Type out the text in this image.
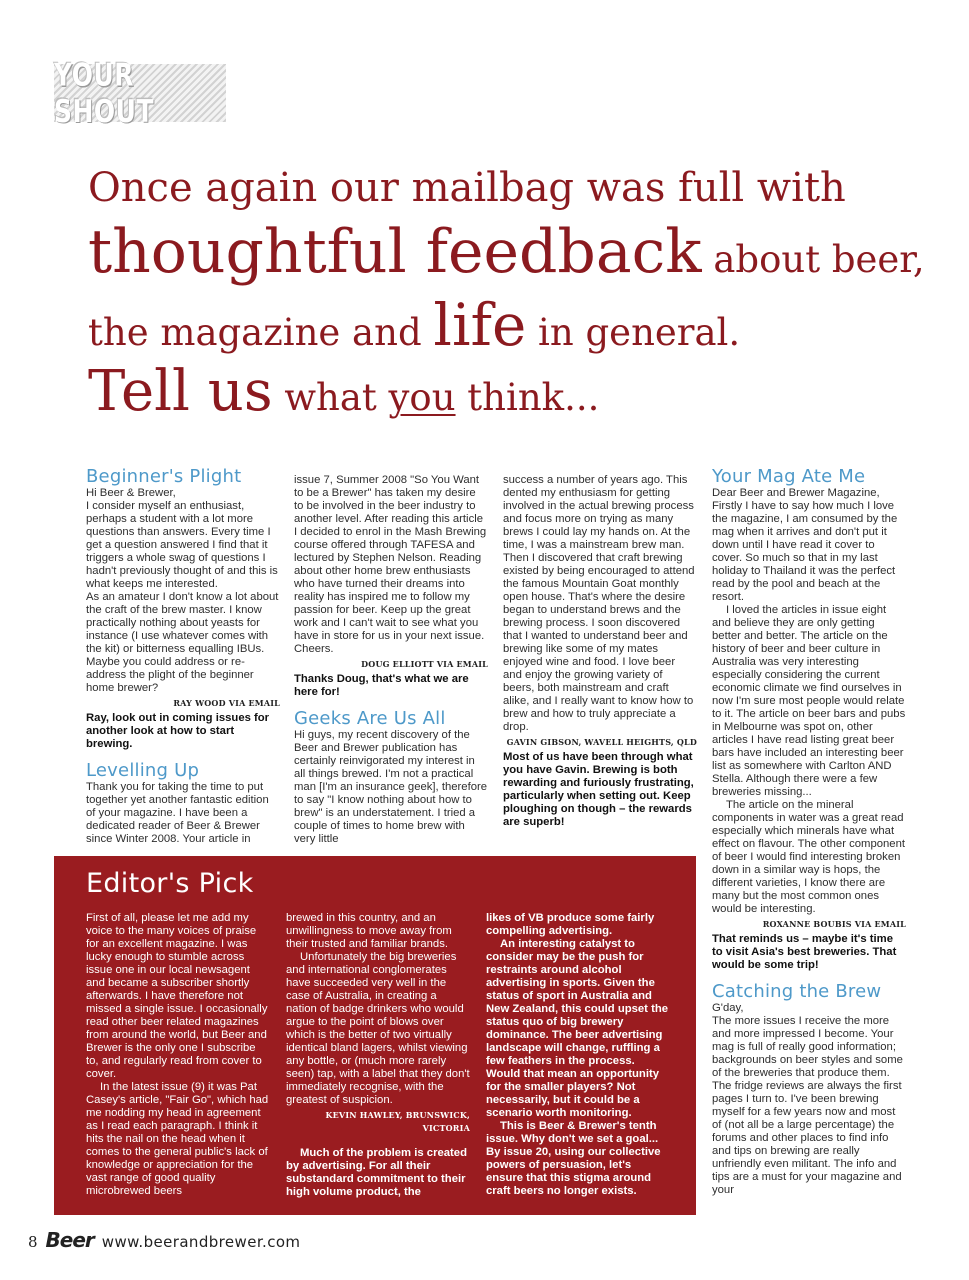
YOUR SHOUT
Once again our mailbag was full with
thoughtful feedback about beer,
the magazine and life in general.
Tell us what you think...
Beginner's Plight

Hi Beer & Brewer,

I consider myself an enthusiast, perhaps a student with a lot more questions than answers. Every time I get a question answered I find that it triggers a whole swag of questions I hadn't previously thought of and this is what keeps me interested.

As an amateur I don't know a lot about the craft of the brew master. I know practically nothing about yeasts for instance (I use whatever comes with the kit) or bitterness equalling IBUs. Maybe you could address or re-address the plight of the beginner home brewer?

RAY WOOD VIA EMAIL

Ray, look out in coming issues for another look at how to start brewing.

Levelling Up

Thank you for taking the time to put together yet another fantastic edition of your magazine. I have been a dedicated reader of Beer & Brewer since Winter 2008. Your article in

issue 7, Summer 2008 "So You Want to be a Brewer" has taken my desire to be involved in the beer industry to another level. After reading this article I decided to enrol in the Mash Brewing course offered through TAFESA and lectured by Stephen Nelson. Reading about other home brew enthusiasts who have turned their dreams into reality has inspired me to follow my passion for beer. Keep up the great work and I can't wait to see what you have in store for us in your next issue. Cheers.

DOUG ELLIOTT VIA EMAIL

Thanks Doug, that's what we are here for!

Geeks Are Us All

Hi guys, my recent discovery of the Beer and Brewer publication has certainly reinvigorated my interest in all things brewed. I'm not a practical man [I'm an insurance geek], therefore to say "I know nothing about how to brew" is an understatement. I tried a couple of times to home brew with very little

success a number of years ago. This dented my enthusiasm for getting involved in the actual brewing process and focus more on trying as many brews I could lay my hands on. At the time, I was a mainstream brew man. Then I discovered that craft brewing existed by being encouraged to attend the famous Mountain Goat monthly open house. That's where the desire began to understand brews and the brewing process. I soon discovered that I wanted to understand beer and brewing like some of my mates enjoyed wine and food. I love beer and enjoy the growing variety of beers, both mainstream and craft alike, and I really want to know how to brew and how to truly appreciate a drop.

GAVIN GIBSON, WAVELL HEIGHTS, QLD

Most of us have been through what you have Gavin. Brewing is both rewarding and furiously frustrating, particularly when setting out. Keep ploughing on though – the rewards are superb!

Your Mag Ate Me

Dear Beer and Brewer Magazine,

Firstly I have to say how much I love the magazine, I am consumed by the mag when it arrives and don't put it down until I have read it cover to cover. So much so that in my last holiday to Thailand it was the perfect read by the pool and beach at the resort.

I loved the articles in issue eight and believe they are only getting better and better. The article on the history of beer and beer culture in Australia was very interesting especially considering the current economic climate we find ourselves in now I'm sure most people would relate to it. The article on beer bars and pubs in Melbourne was spot on, other articles I have read listing great beer bars have included an interesting beer list as somewhere with Carlton AND Stella. Although there were a few breweries missing...

The article on the mineral components in water was a great read especially which minerals have what effect on flavour. The other component of beer I would find interesting broken down in a similar way is hops, the different varieties, I know there are many but the most common ones would be interesting.

ROXANNE BOUBIS VIA EMAIL

That reminds us – maybe it's time to visit Asia's best breweries. That would be some trip!

Catching the Brew

G'day,

The more issues I receive the more and more impressed I become. Your mag is full of really good information; backgrounds on beer styles and some of the breweries that produce them. The fridge reviews are always the first pages I turn to. I've been brewing myself for a few years now and most of (not all be a large percentage) the forums and other places to find info and tips on brewing are really unfriendly even militant. The info and tips are a must for your magazine and your

Editor's Pick

First of all, please let me add my voice to the many voices of praise for an excellent magazine. I was lucky enough to stumble across issue one in our local newsagent and became a subscriber shortly afterwards. I have therefore not missed a single issue. I occasionally read other beer related magazines from around the world, but Beer and Brewer is the only one I subscribe to, and regularly read from cover to cover.

In the latest issue (9) it was Pat Casey's article, "Fair Go", which had me nodding my head in agreement as I read each paragraph. I think it hits the nail on the head when it comes to the general public's lack of knowledge or appreciation for the vast range of good quality microbrewed beers

brewed in this country, and an unwillingness to move away from their trusted and familiar brands.

Unfortunately the big breweries and international conglomerates have succeeded very well in the case of Australia, in creating a nation of badge drinkers who would argue to the point of blows over which is the better of two virtually identical bland lagers, whilst viewing any bottle, or (much more rarely seen) tap, with a label that they don't immediately recognise, with the greatest of suspicion.

KEVIN HAWLEY, BRUNSWICK, VICTORIA

Much of the problem is created by advertising. For all their substandard commitment to their high volume product, the

likes of VB produce some fairly compelling advertising.

An interesting catalyst to consider may be the push for restraints around alcohol advertising in sports. Given the status of sport in Australia and New Zealand, this could upset the status quo of big brewery dominance. The beer advertising landscape will change, ruffling a few feathers in the process. Would that mean an opportunity for the smaller players? Not necessarily, but it could be a scenario worth monitoring.

This is Beer & Brewer's tenth issue. Why don't we set a goal... By issue 20, using our collective powers of persuasion, let's ensure that this stigma around craft beers no longer exists.

8 Beer www.beerandbrewer.com
